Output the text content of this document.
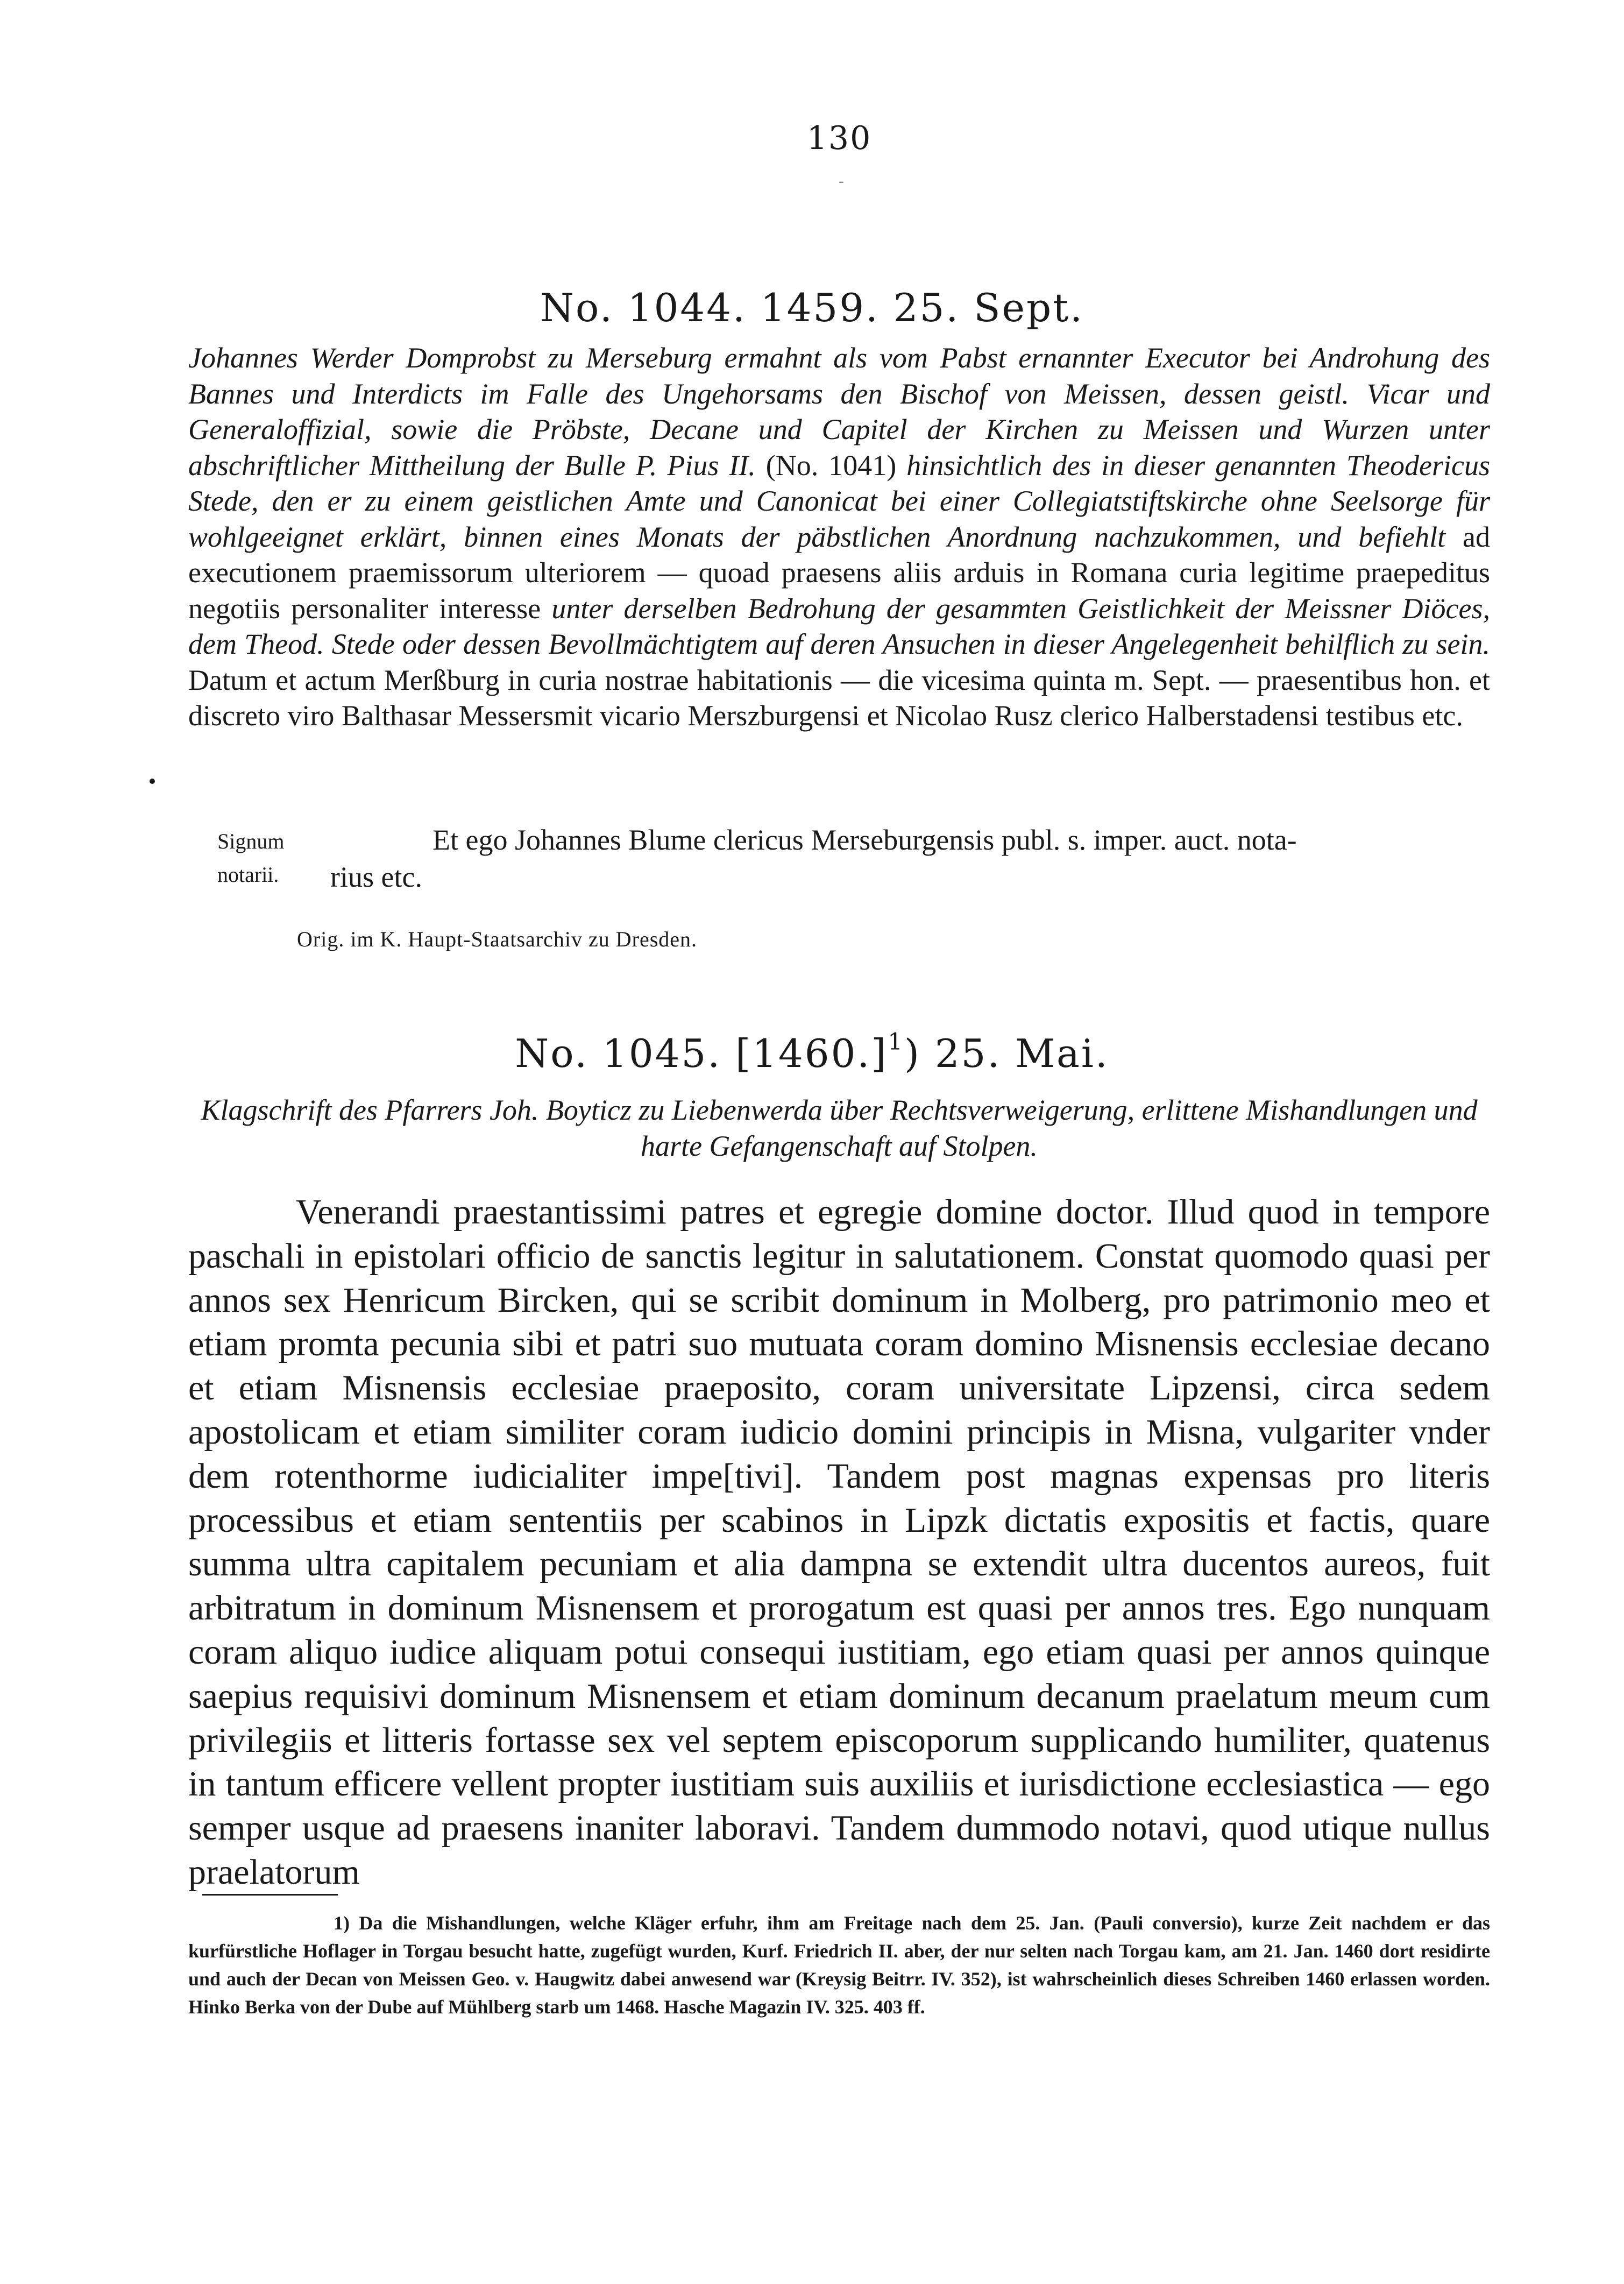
130 -
No. 1044. 1459. 25. Sept.
Johannes Werder Domprobst zu Merseburg ermahnt als vom Pabst ernannter Executor bei Androhung des Bannes und Interdicts im Falle des Ungehorsams den Bischof von Meissen, dessen geistl. Vicar und Generaloffizial, sowie die Pröbste, Decane und Capitel der Kirchen zu Meissen und Wurzen unter abschriftlicher Mittheilung der Bulle P. Pius II. (No. 1041) hinsichtlich des in dieser genannten Theodericus Stede, den er zu einem geistlichen Amte und Canonicat bei einer Collegiatstiftskirche ohne Seelsorge für wohlgeeignet erklärt, binnen eines Monats der päbstlichen Anordnung nachzukommen, und befiehlt ad executionem praemissorum ulteriorem — quoad praesens aliis arduis in Romana curia legitime praepeditus negotiis personaliter interesse unter derselben Bedrohung der gesammten Geistlichkeit der Meissner Diöces, dem Theod. Stede oder dessen Bevollmächtigtem auf deren Ansuchen in dieser Angelegenheit behilflich zu sein. Datum et actum Merßburg in curia nostrae habitationis — die vicesima quinta m. Sept. — praesentibus hon. et discreto viro Balthasar Messersmit vicario Merszburgensi et Nicolao Rusz clerico Halberstadensi testibus etc.
Signum
notarii.
Et ego Johannes Blume clericus Merseburgensis publ. s. imper. auct. nota-
rius etc.
Orig. im K. Haupt-Staatsarchiv zu Dresden.
No. 1045. $[1460.]^1$) 25. Mai.
Klagschrift des Pfarrers Joh. Boyticz zu Liebenwerda über Rechtsverweigerung, erlittene Mishandlungen und harte Gefangenschaft auf Stolpen.
Venerandi praestantissimi patres et egregie domine doctor. Illud quod in tempore paschali in epistolari officio de sanctis legitur in salutationem. Constat quomodo quasi per annos sex Henricum Bircken, qui se scribit dominum in Molberg, pro patrimonio meo et etiam promta pecunia sibi et patri suo mutuata coram domino Misnensis ecclesiae decano et etiam Misnensis ecclesiae praeposito, coram universitate Lipzensi, circa sedem apostolicam et etiam similiter coram iudicio domini principis in Misna, vulgariter vnder dem rotenthorme iudicialiter impe[tivi]. Tandem post magnas expensas pro literis processibus et etiam sententiis per scabinos in Lipzk dictatis expositis et factis, quare summa ultra capitalem pecuniam et alia dampna se extendit ultra ducentos aureos, fuit arbitratum in dominum Misnensem et prorogatum est quasi per annos tres. Ego nunquam coram aliquo iudice aliquam potui consequi iustitiam, ego etiam quasi per annos quinque saepius requisivi dominum Misnensem et etiam dominum decanum praelatum meum cum privilegiis et litteris fortasse sex vel septem episcoporum supplicando humiliter, quatenus in tantum efficere vellent propter iustitiam suis auxiliis et iurisdictione ecclesiastica — ego semper usque ad praesens inaniter laboravi. Tandem dummodo notavi, quod utique nullus praelatorum
1) Da die Mishandlungen, welche Kläger erfuhr, ihm am Freitage nach dem 25. Jan. (Pauli conversio), kurze Zeit nachdem er das kurfürstliche Hoflager in Torgau besucht hatte, zugefügt wurden, Kurf. Friedrich II. aber, der nur selten nach Torgau kam, am 21. Jan. 1460 dort residirte und auch der Decan von Meissen Geo. v. Haugwitz dabei anwesend war (Kreysig Beitrr. IV. 352), ist wahrscheinlich dieses Schreiben 1460 erlassen worden. Hinko Berka von der Dube auf Mühlberg starb um 1468. Hasche Magazin IV. 325. 403 ff.
